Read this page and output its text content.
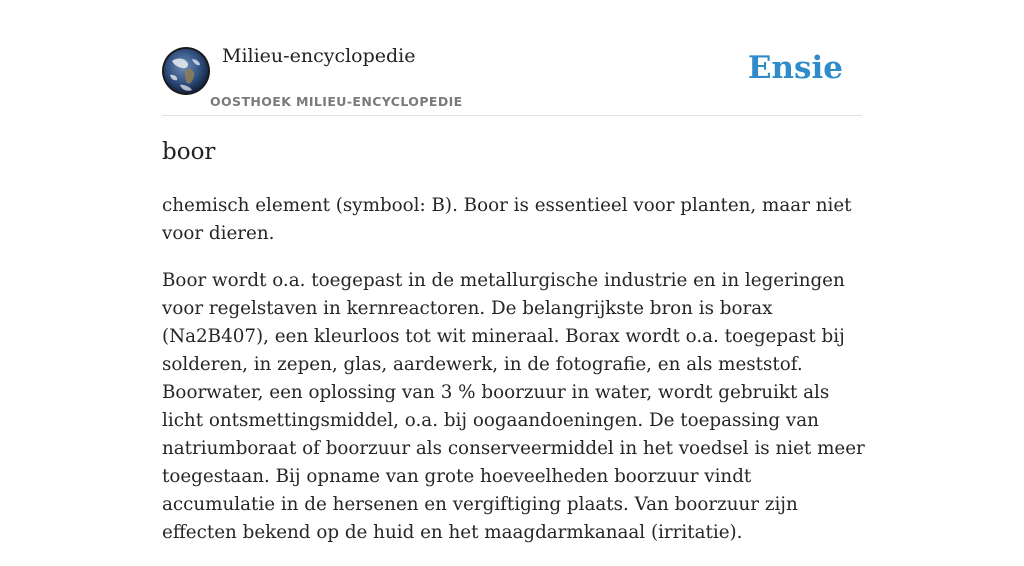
Milieu-encyclopedie
OOSTHOEK MILIEU-ENCYCLOPEDIE
Ensie
boor

chemisch element (symbool: B). Boor is essentieel voor planten, maar niet voor dieren.

Boor wordt o.a. toegepast in de metallurgische industrie en in legeringen voor regelstaven in kernreactoren. De belangrijkste bron is borax (Na2B407), een kleurloos tot wit mineraal. Borax wordt o.a. toegepast bij solderen, in zepen, glas, aardewerk, in de fotografie, en als meststof. Boorwater, een oplossing van 3 % boorzuur in water, wordt gebruikt als licht ontsmettingsmiddel, o.a. bij oogaandoeningen. De toepassing van natriumboraat of boorzuur als conserveermiddel in het voedsel is niet meer toegestaan. Bij opname van grote hoeveelheden boorzuur vindt accumulatie in de hersenen en vergiftiging plaats. Van boorzuur zijn effecten bekend op de huid en het maagdarmkanaal (irritatie).
